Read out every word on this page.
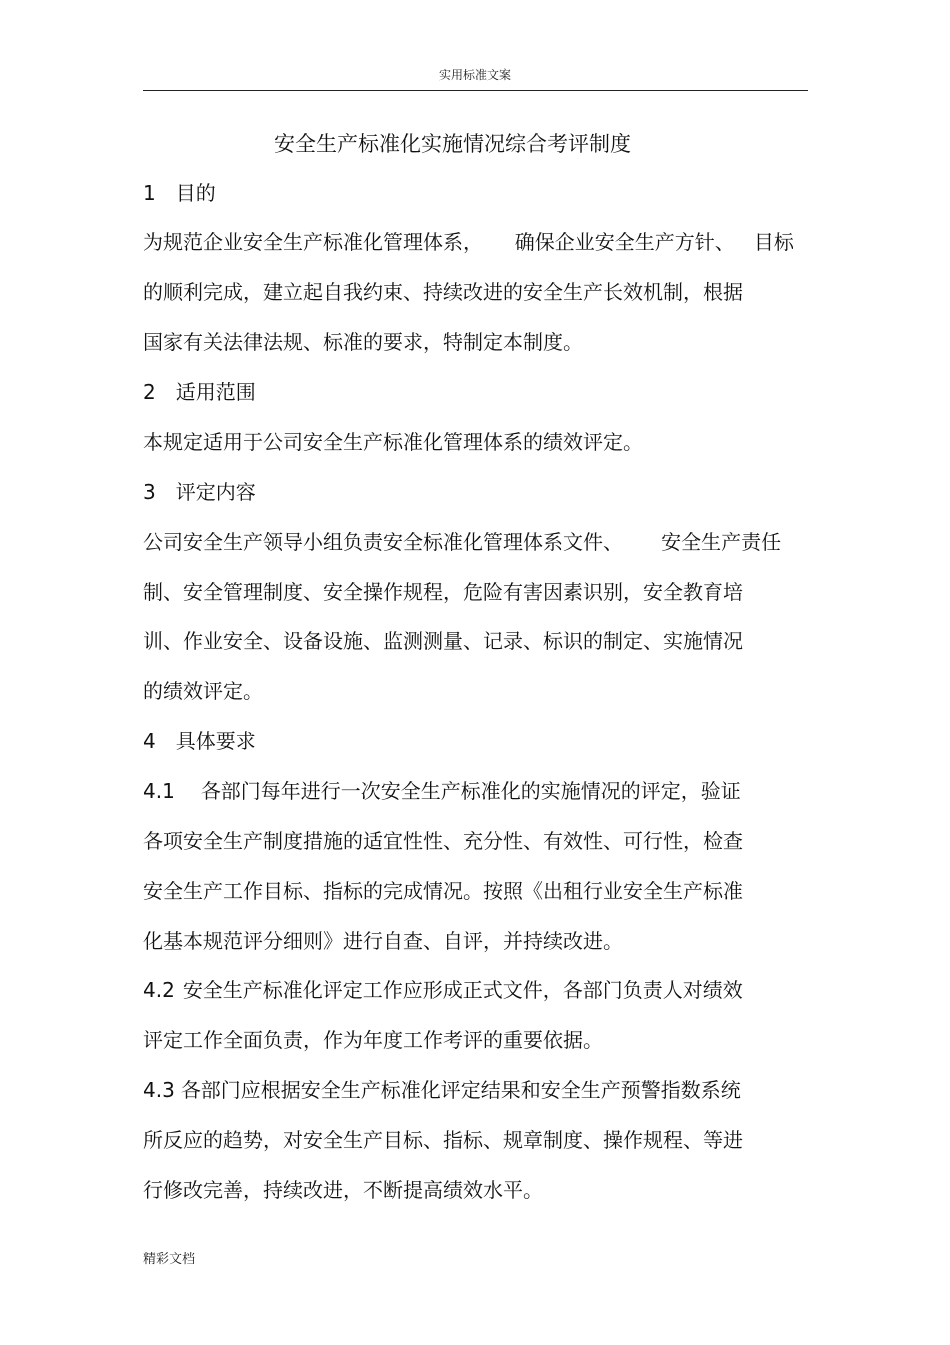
实用标准文案
安全生产标准化实施情况综合考评制度
1 目的
为规范企业安全生产标准化管理体系，     确保企业安全生产方针、   目标
的顺利完成，建立起自我约束、持续改进的安全生产长效机制，根据
国家有关法律法规、标准的要求，特制定本制度。
2 适用范围
本规定适用于公司安全生产标准化管理体系的绩效评定。
3 评定内容
公司安全生产领导小组负责安全标准化管理体系文件、      安全生产责任
制、安全管理制度、安全操作规程，危险有害因素识别，安全教育培
训、作业安全、设备设施、监测测量、记录、标识的制定、实施情况
的绩效评定。
4 具体要求
4.1 各部门每年进行一次安全生产标准化的实施情况的评定，验证
各项安全生产制度措施的适宜性性、充分性、有效性、可行性，检查
安全生产工作目标、指标的完成情况。按照《出租行业安全生产标准
化基本规范评分细则》进行自查、自评，并持续改进。
4.2 安全生产标准化评定工作应形成正式文件，各部门负责人对绩效
评定工作全面负责，作为年度工作考评的重要依据。
4.3 各部门应根据安全生产标准化评定结果和安全生产预警指数系统
所反应的趋势，对安全生产目标、指标、规章制度、操作规程、等进
行修改完善，持续改进，不断提高绩效水平。
精彩文档
